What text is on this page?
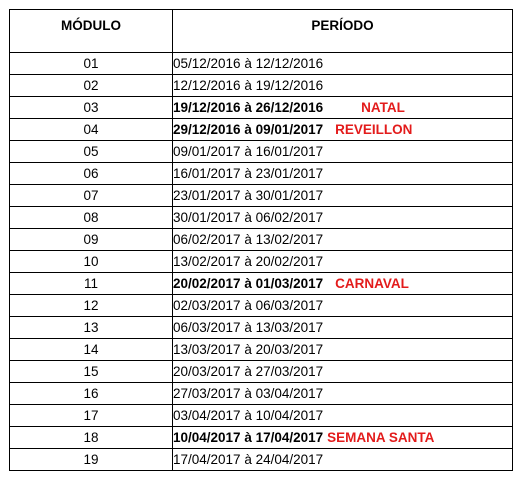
MÓDULO	PERÍODO
01	05/12/2016 à 12/12/2016
02	12/12/2016 à 19/12/2016
03	19/12/2016 à 26/12/2016 NATAL
04	29/12/2016 à 09/01/2017 REVEILLON
05	09/01/2017 à 16/01/2017
06	16/01/2017 à 23/01/2017
07	23/01/2017 à 30/01/2017
08	30/01/2017 à 06/02/2017
09	06/02/2017 à 13/02/2017
10	13/02/2017 à 20/02/2017
11	20/02/2017 à 01/03/2017 CARNAVAL
12	02/03/2017 à 06/03/2017
13	06/03/2017 à 13/03/2017
14	13/03/2017 à 20/03/2017
15	20/03/2017 à 27/03/2017
16	27/03/2017 à 03/04/2017
17	03/04/2017 à 10/04/2017
18	10/04/2017 à 17/04/2017 SEMANA SANTA
19	17/04/2017 à 24/04/2017
